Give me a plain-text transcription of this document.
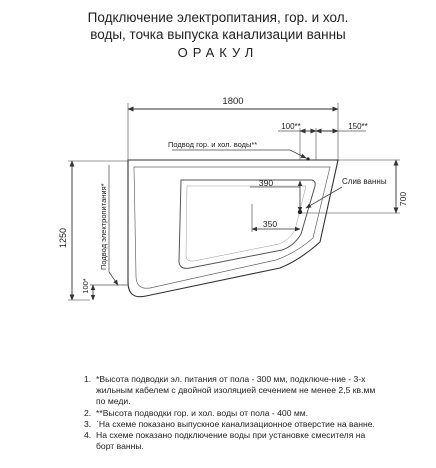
Подключение электропитания, гор. и хол.
воды, точка выпуска канализации ванны
ОРАКУЛ
1800
100**	150**
1250
700
390
350
Подвод гор. и хол. воды**
Слив ванны
Подвод электропитания*
100*
1. *Высота подводки эл. питания от пола - 300 мм, подключе-ние - 3-х жильным кабелем с двойной изоляцией сечением не менее 2,5 кв.мм по меди.
2. **Высота подводки гор. и хол. воды от пола - 400 мм.
3. ˊНа схеме показано выпускное канализационное отверстие на ванне.
4. На схеме показано подключение воды при установке смесителя на борт ванны.
